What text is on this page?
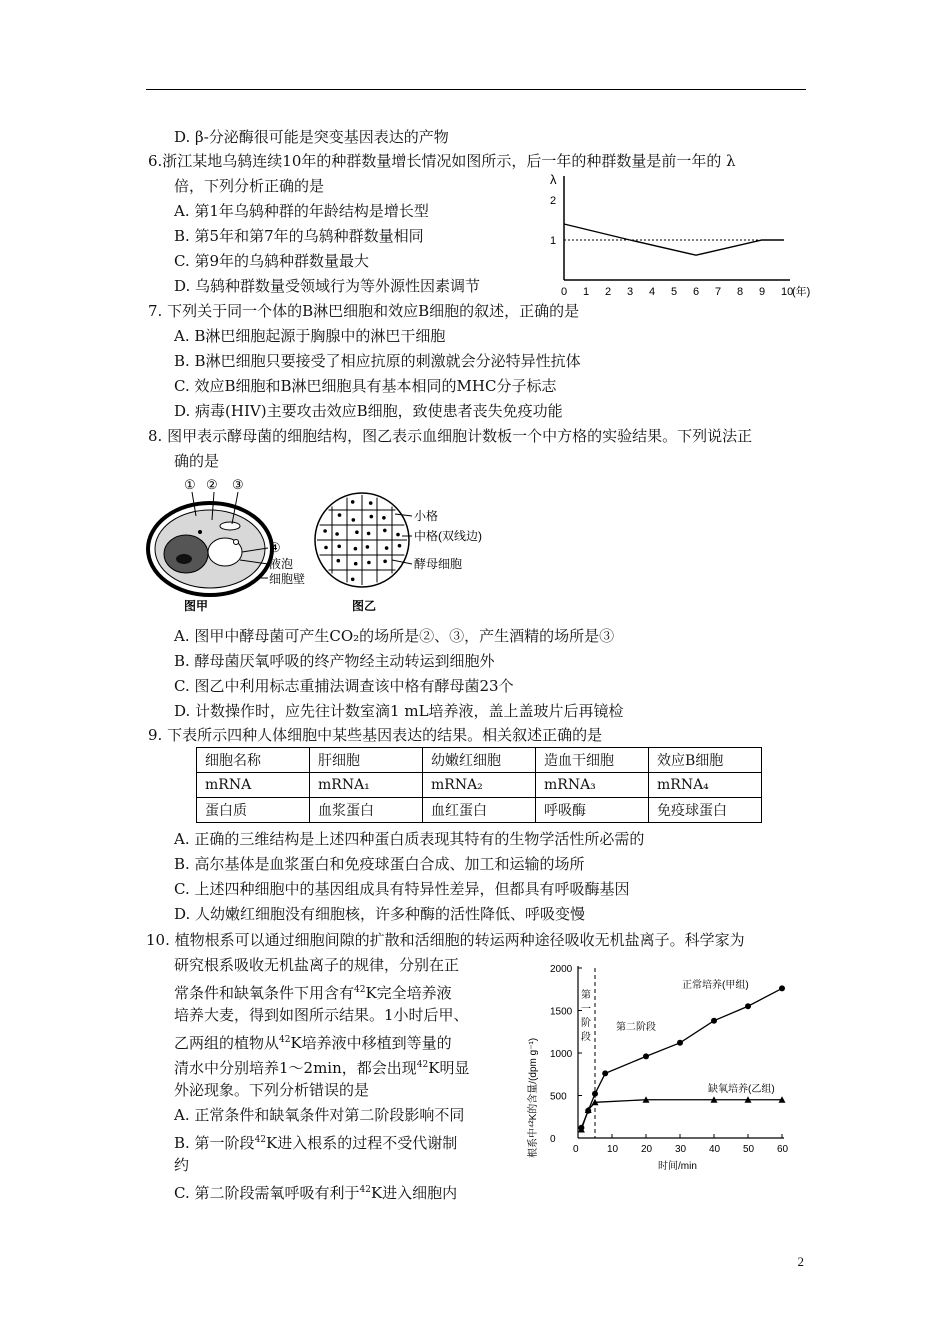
D. β-分泌酶很可能是突变基因表达的产物
6.浙江某地乌鸫连续10年的种群数量增长情况如图所示，后一年的种群数量是前一年的 λ
倍，下列分析正确的是
A. 第1年乌鸫种群的年龄结构是增长型
B. 第5年和第7年的乌鸫种群数量相同
C. 第9年的乌鸫种群数量最大
D. 乌鸫种群数量受领域行为等外源性因素调节
λ
0 1 2 3 4 5 6 7 8 9 10
(年)
1
2
7. 下列关于同一个体的B淋巴细胞和效应B细胞的叙述，正确的是
A. B淋巴细胞起源于胸腺中的淋巴干细胞
B. B淋巴细胞只要接受了相应抗原的刺激就会分泌特异性抗体
C. 效应B细胞和B淋巴细胞具有基本相同的MHC分子标志
D. 病毒(HIV)主要攻击效应B细胞，致使患者丧失免疫功能
8. 图甲表示酵母菌的细胞结构，图乙表示血细胞计数板一个中方格的实验结果。下列说法正
确的是
① ② ③
④
液泡
细胞壁
图甲
小格
中格(双线边)
酵母细胞
图乙
A. 图甲中酵母菌可产生CO₂的场所是②、③，产生酒精的场所是③
B. 酵母菌厌氧呼吸的终产物经主动转运到细胞外
C. 图乙中利用标志重捕法调查该中格有酵母菌23个
D. 计数操作时，应先往计数室滴1 mL培养液，盖上盖玻片后再镜检
9. 下表所示四种人体细胞中某些基因表达的结果。相关叙述正确的是
细胞名称	肝细胞	幼嫩红细胞	造血干细胞	效应B细胞
mRNA	mRNA₁	mRNA₂	mRNA₃	mRNA₄
蛋白质	血浆蛋白	血红蛋白	呼吸酶	免疫球蛋白
A. 正确的三维结构是上述四种蛋白质表现其特有的生物学活性所必需的
B. 高尔基体是血浆蛋白和免疫球蛋白合成、加工和运输的场所
C. 上述四种细胞中的基因组成具有特异性差异，但都具有呼吸酶基因
D. 人幼嫩红细胞没有细胞核，许多种酶的活性降低、呼吸变慢
10. 植物根系可以通过细胞间隙的扩散和活细胞的转运两种途径吸收无机盐离子。科学家为
研究根系吸收无机盐离子的规律，分别在正
常条件和缺氧条件下用含有$^{42}$K完全培养液
培养大麦，得到如图所示结果。1小时后甲、
乙两组的植物从$^{42}$K培养液中移植到等量的
清水中分别培养1～2min，都会出现$^{42}$K明显
外泌现象。下列分析错误的是
A. 正常条件和缺氧条件对第二阶段影响不同
B. 第一阶段$^{42}$K进入根系的过程不受代谢制
约
C. 第二阶段需氧呼吸有利于$^{42}$K进入细胞内
根系中⁴²K的含量/(dpm g⁻¹)
时间/min
0	10 20 30 40 50 60
0
500
1000
1500
2000
正常培养(甲组)
缺氧培养(乙组)
第二阶段
第
一
阶
段
2
